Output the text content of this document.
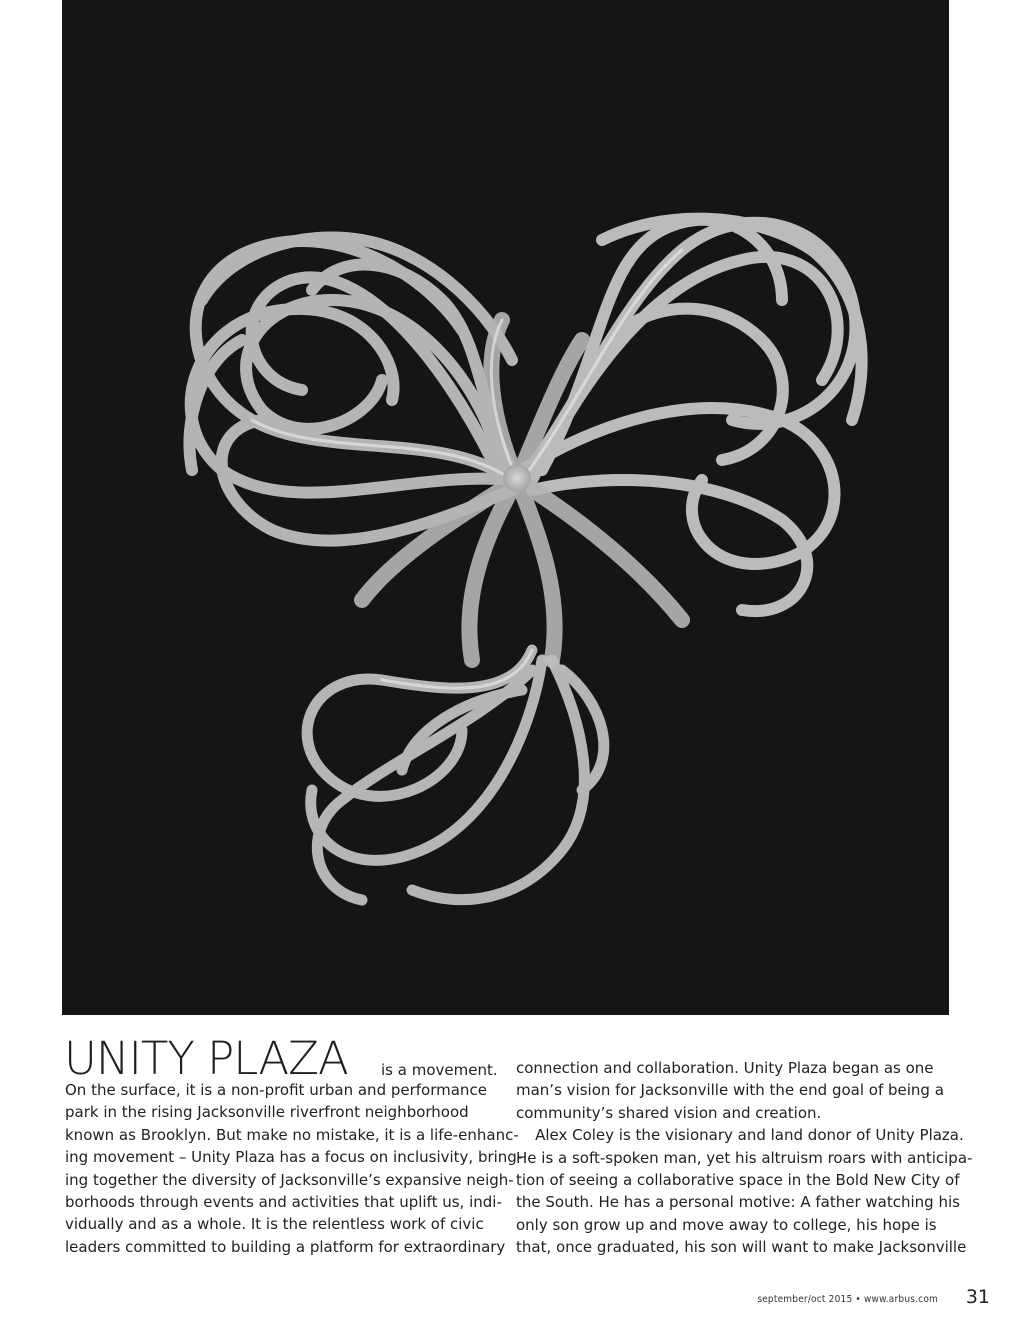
UNITY PLAZA is a movement.
On the surface, it is a non-profit urban and performance
park in the rising Jacksonville riverfront neighborhood
known as Brooklyn. But make no mistake, it is a life-enhanc-
ing movement – Unity Plaza has a focus on inclusivity, bring-
ing together the diversity of Jacksonville’s expansive neigh-
borhoods through events and activities that uplift us, indi-
vidually and as a whole. It is the relentless work of civic
leaders committed to building a platform for extraordinary
connection and collaboration. Unity Plaza began as one
man’s vision for Jacksonville with the end goal of being a
community’s shared vision and creation.
Alex Coley is the visionary and land donor of Unity Plaza.
He is a soft-spoken man, yet his altruism roars with anticipa-
tion of seeing a collaborative space in the Bold New City of
the South. He has a personal motive: A father watching his
only son grow up and move away to college, his hope is
that, once graduated, his son will want to make Jacksonville
september/oct 2015 • www.arbus.com 31
